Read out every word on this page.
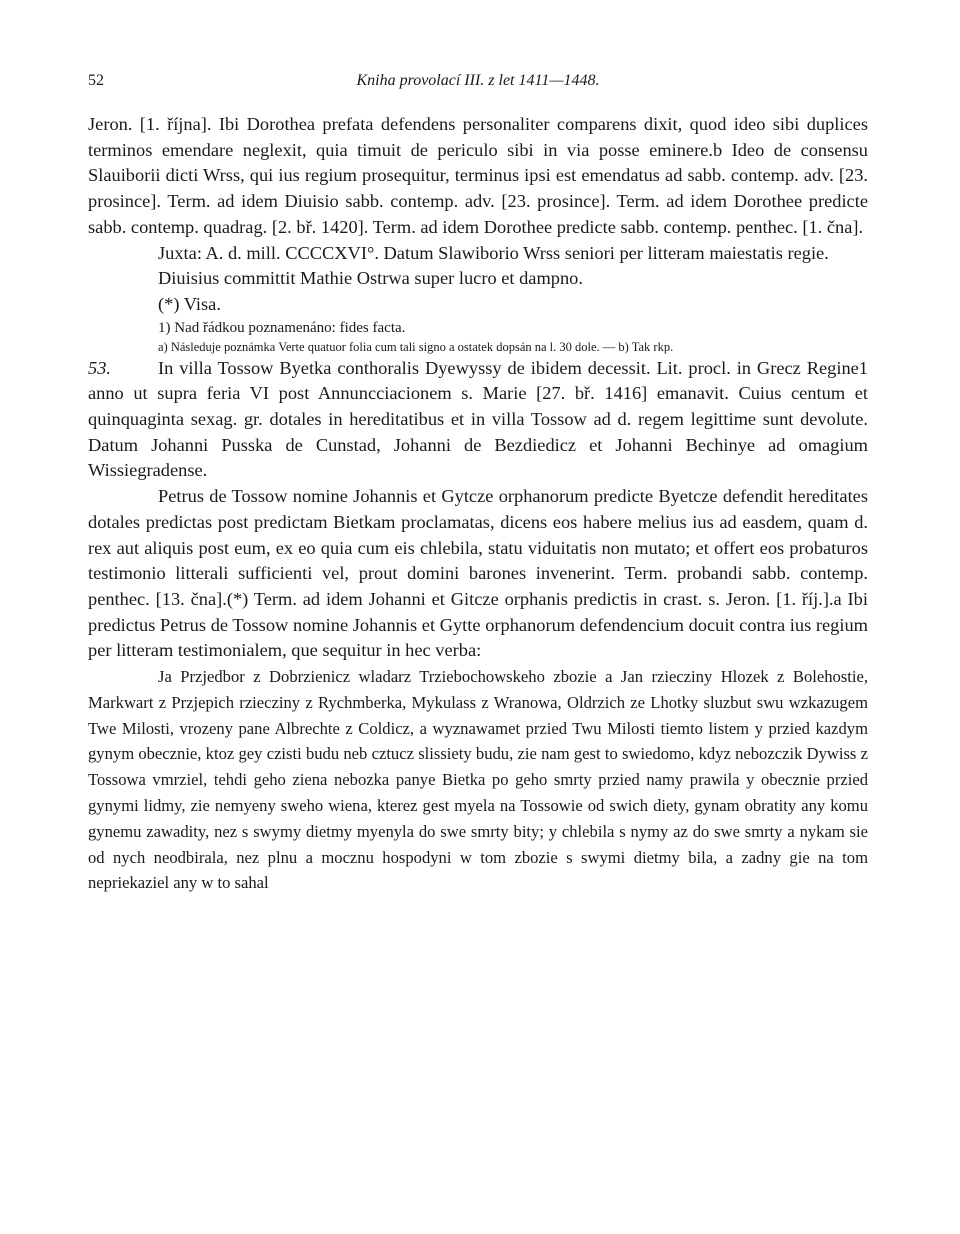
52	Kniha provolací III. z let 1411—1448.

Jeron. [1. října]. Ibi Dorothea prefata defendens personaliter comparens dixit, quod ideo sibi duplices terminos emendare neglexit, quia timuit de periculo sibi in via posse eminere.b Ideo de consensu Slauiborii dicti Wrss, qui ius regium prosequitur, terminus ipsi est emendatus ad sabb. contemp. adv. [23. prosince]. Term. ad idem Diuisio sabb. contemp. adv. [23. prosince]. Term. ad idem Dorothee predicte sabb. contemp. quadrag. [2. bř. 1420]. Term. ad idem Dorothee predicte sabb. contemp. penthec. [1. čna].

Juxta: A. d. mill. CCCCXVI°. Datum Slawiborio Wrss seniori per litteram maiestatis regie.

Diuisius committit Mathie Ostrwa super lucro et dampno.

(*) Visa.

1) Nad řádkou poznamenáno: fides facta.

a) Následuje poznámka Verte quatuor folia cum tali signo a ostatek dopsán na l. 30 dole. — b) Tak rkp.

53.	In villa Tossow Byetka conthoralis Dyewyssy de ibidem decessit. Lit. procl. in Grecz Regine1 anno ut supra feria VI post Annuncciacionem s. Marie [27. bř. 1416] emanavit. Cuius centum et quinquaginta sexag. gr. dotales in hereditatibus et in villa Tossow ad d. regem legittime sunt devolute. Datum Johanni Pusska de Cunstad, Johanni de Bezdiedicz et Johanni Bechinye ad omagium Wissiegradense.

Petrus de Tossow nomine Johannis et Gytcze orphanorum predicte Byetcze defendit hereditates dotales predictas post predictam Bietkam proclamatas, dicens eos habere melius ius ad easdem, quam d. rex aut aliquis post eum, ex eo quia cum eis chlebila, statu viduitatis non mutato; et offert eos probaturos testimonio litterali sufficienti vel, prout domini barones invenerint. Term. probandi sabb. contemp. penthec. [13. čna].(*) Term. ad idem Johanni et Gitcze orphanis predictis in crast. s. Jeron. [1. říj.].a Ibi predictus Petrus de Tossow nomine Johannis et Gytte orphanorum defendencium docuit contra ius regium per litteram testimonialem, que sequitur in hec verba:

Ja Przjedbor z Dobrzienicz wladarz Trziebochowskeho zbozie a Jan rziecziny Hlozek z Bolehostie, Markwart z Przjepich rziecziny z Rychmberka, Mykulass z Wranowa, Oldrzich ze Lhotky sluzbut swu wzkazugem Twe Milosti, vrozeny pane Albrechte z Coldicz, a wyznawamet przied Twu Milosti tiemto listem y przied kazdym gynym obecznie, ktoz gey czisti budu neb cztucz slissiety budu, zie nam gest to swiedomo, kdyz nebozczik Dywiss z Tossowa vmrziel, tehdi geho ziena nebozka panye Bietka po geho smrty przied namy prawila y obecznie przied gynymi lidmy, zie nemyeny sweho wiena, kterez gest myela na Tossowie od swich diety, gynam obratity any komu gynemu zawadity, nez s swymy dietmy myenyla do swe smrty bity; y chlebila s nymy az do swe smrty a nykam sie od nych neodbirala, nez plnu a mocznu hospodyni w tom zbozie s swymi dietmy bila, a zadny gie na tom nepriekaziel any w to sahal
